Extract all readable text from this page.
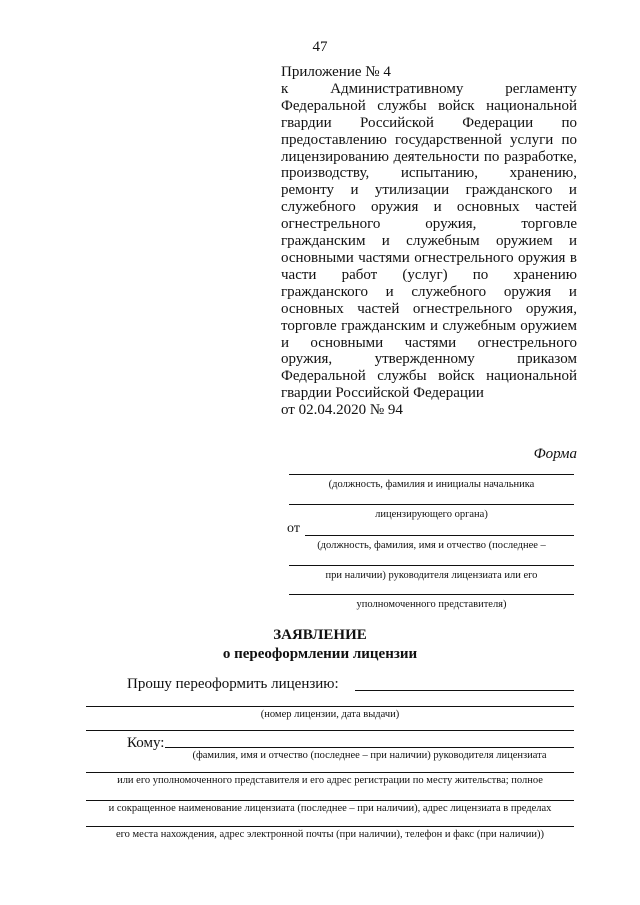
47
Приложение № 4
к	Административному	регламенту
Федеральной службы войск национальной
гвардии Российской Федерации по
предоставлению государственной услуги по
лицензированию деятельности по разработке,
производству, испытанию, хранению,
ремонту и утилизации гражданского и
служебного оружия и основных частей
огнестрельного	оружия,	торговле
гражданским и служебным оружием и
основными частями огнестрельного оружия в
части работ (услуг) по хранению
гражданского и служебного оружия и
основных частей огнестрельного оружия,
торговле гражданским и служебным оружием
и основными частями огнестрельного
оружия,	утвержденному	приказом
Федеральной службы войск национальной
гвардии Российской Федерации
от 02.04.2020 № 94
Форма
(должность, фамилия и инициалы начальника
лицензирующего органа)
от
(должность, фамилия, имя и отчество (последнее –
при наличии) руководителя лицензиата или его
уполномоченного представителя)
ЗАЯВЛЕНИЕ
о переоформлении лицензии
Прошу переоформить лицензию:
(номер лицензии, дата выдачи)
Кому:
(фамилия, имя и отчество (последнее – при наличии) руководителя лицензиата
или его уполномоченного представителя и его адрес регистрации по месту жительства; полное
и сокращенное наименование лицензиата (последнее – при наличии), адрес лицензиата в пределах
его места нахождения, адрес электронной почты (при наличии), телефон и факс (при наличии))
